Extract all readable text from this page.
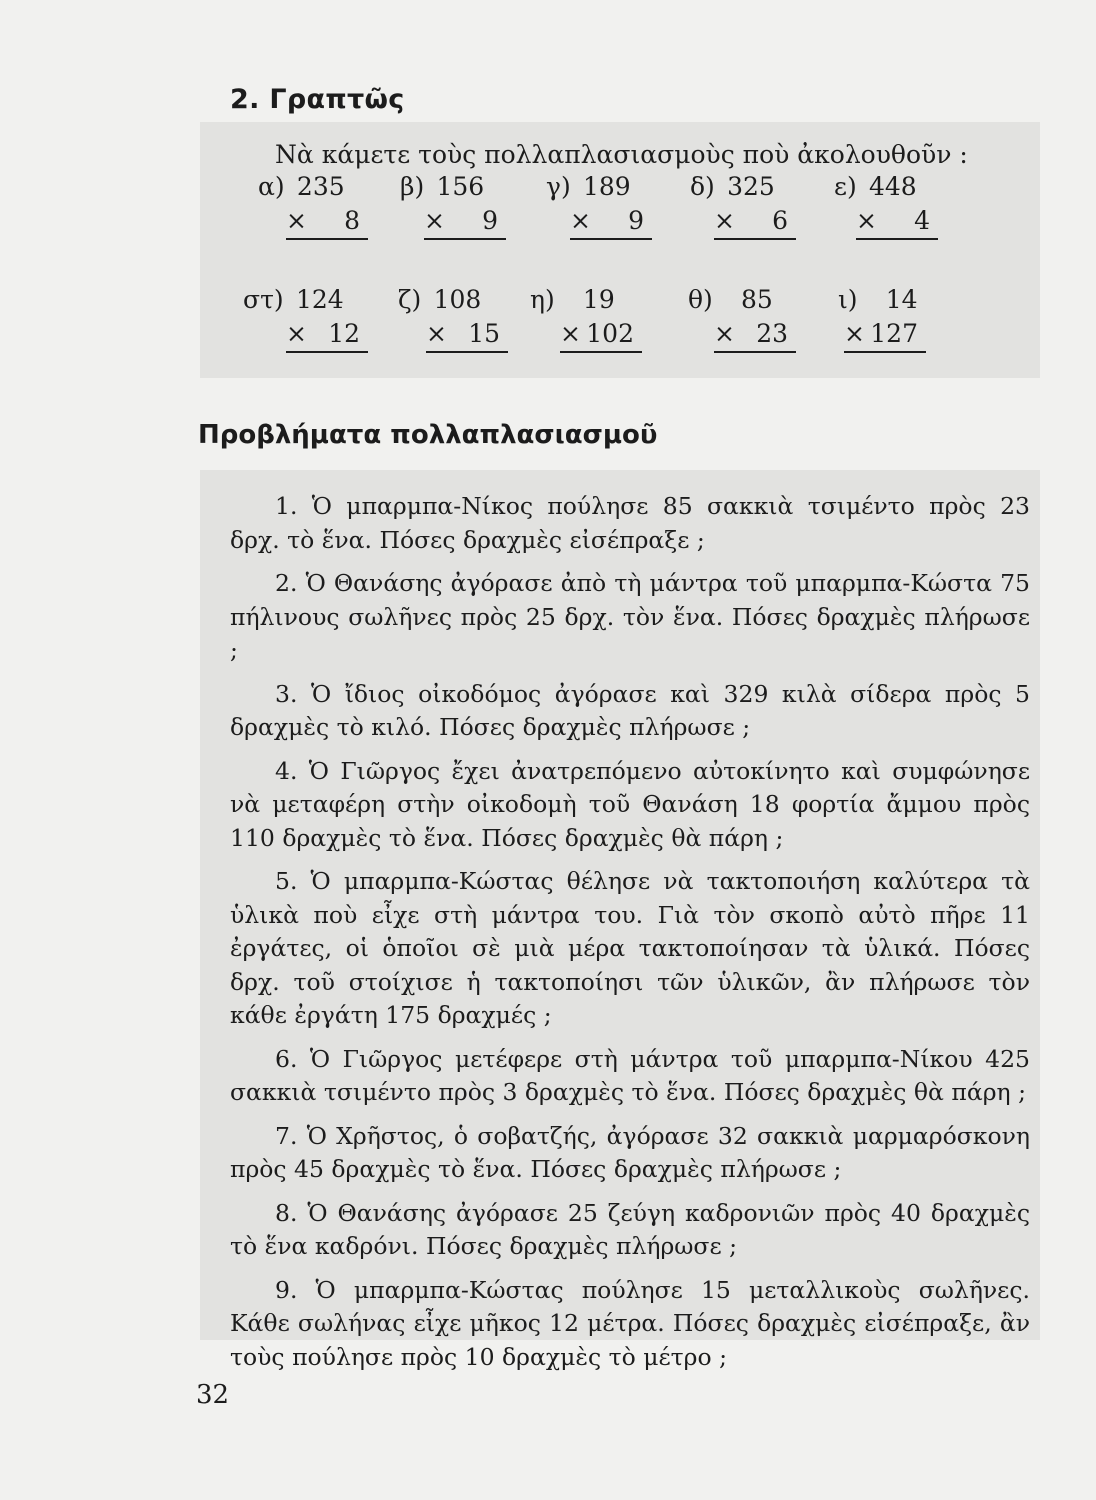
2. Γραπτῶς
Νὰ κάμετε τοὺς πολλαπλασιασμοὺς ποὺ ἀκολουθοῦν :
α) 235
× 8
β) 156
× 9
γ) 189
× 9
δ) 325
× 6
ε) 448
× 4
στ) 124
× 12
ζ) 108
× 15
η) 19
× 102
θ) 85
× 23
ι) 14
× 127
Προβλήματα πολλαπλασιασμοῦ

1. Ὁ μπαρμπα-Νίκος πούλησε 85 σακκιὰ τσιμέντο πρὸς 23 δρχ. τὸ ἕνα. Πόσες δραχμὲς εἰσέπραξε ;

2. Ὁ Θανάσης ἀγόρασε ἀπὸ τὴ μάντρα τοῦ μπαρμπα-Κώστα 75 πήλινους σωλῆνες πρὸς 25 δρχ. τὸν ἕνα. Πόσες δραχμὲς πλήρωσε ;

3. Ὁ ἴδιος οἰκοδόμος ἀγόρασε καὶ 329 κιλὰ σίδερα πρὸς 5 δραχμὲς τὸ κιλό. Πόσες δραχμὲς πλήρωσε ;

4. Ὁ Γιῶργος ἔχει ἀνατρεπόμενο αὐτοκίνητο καὶ συμφώνησε νὰ μεταφέρη στὴν οἰκοδομὴ τοῦ Θανάση 18 φορτία ἄμμου πρὸς 110 δραχμὲς τὸ ἕνα. Πόσες δραχμὲς θὰ πάρη ;

5. Ὁ μπαρμπα-Κώστας θέλησε νὰ τακτοποιήση καλύτερα τὰ ὑλικὰ ποὺ εἶχε στὴ μάντρα του. Γιὰ τὸν σκοπὸ αὐτὸ πῆρε 11 ἐργάτες, οἱ ὁποῖοι σὲ μιὰ μέρα τακτοποίησαν τὰ ὑλικά. Πόσες δρχ. τοῦ στοίχισε ἡ τακτοποίησι τῶν ὑλικῶν, ἂν πλήρωσε τὸν κάθε ἐργάτη 175 δραχμές ;

6. Ὁ Γιῶργος μετέφερε στὴ μάντρα τοῦ μπαρμπα-Νίκου 425 σακκιὰ τσιμέντο πρὸς 3 δραχμὲς τὸ ἕνα. Πόσες δραχμὲς θὰ πάρη ;

7. Ὁ Χρῆστος, ὁ σοβατζής, ἀγόρασε 32 σακκιὰ μαρμαρόσκονη πρὸς 45 δραχμὲς τὸ ἕνα. Πόσες δραχμὲς πλήρωσε ;

8. Ὁ Θανάσης ἀγόρασε 25 ζεύγη καδρονιῶν πρὸς 40 δραχμὲς τὸ ἕνα καδρόνι. Πόσες δραχμὲς πλήρωσε ;

9. Ὁ μπαρμπα-Κώστας πούλησε 15 μεταλλικοὺς σωλῆνες. Κάθε σωλήνας εἶχε μῆκος 12 μέτρα. Πόσες δραχμὲς εἰσέπραξε, ἂν τοὺς πούλησε πρὸς 10 δραχμὲς τὸ μέτρο ;

32
